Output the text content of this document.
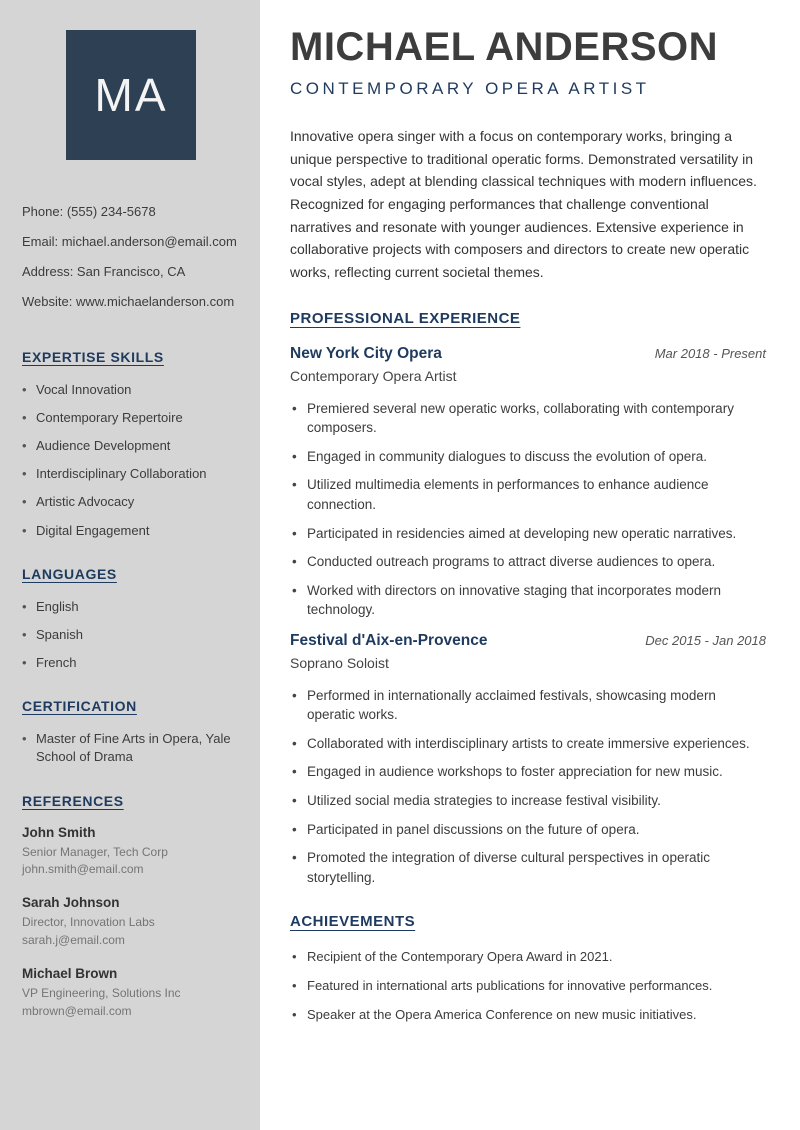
MA
Phone: (555) 234-5678
Email: michael.anderson@email.com
Address: San Francisco, CA
Website: www.michaelanderson.com
EXPERTISE SKILLS
• Vocal Innovation
• Contemporary Repertoire
• Audience Development
• Interdisciplinary Collaboration
• Artistic Advocacy
• Digital Engagement
LANGUAGES
• English
• Spanish
• French
CERTIFICATION
• Master of Fine Arts in Opera, Yale School of Drama
REFERENCES
John Smith
Senior Manager, Tech Corp
john.smith@email.com
Sarah Johnson
Director, Innovation Labs
sarah.j@email.com
Michael Brown
VP Engineering, Solutions Inc
mbrown@email.com
MICHAEL ANDERSON
CONTEMPORARY OPERA ARTIST

Innovative opera singer with a focus on contemporary works, bringing a unique perspective to traditional operatic forms. Demonstrated versatility in vocal styles, adept at blending classical techniques with modern influences. Recognized for engaging performances that challenge conventional narratives and resonate with younger audiences. Extensive experience in collaborative projects with composers and directors to create new operatic works, reflecting current societal themes.

PROFESSIONAL EXPERIENCE
New York City Opera	Mar 2018 - Present
Contemporary Opera Artist
• Premiered several new operatic works, collaborating with contemporary composers.
• Engaged in community dialogues to discuss the evolution of opera.
• Utilized multimedia elements in performances to enhance audience connection.
• Participated in residencies aimed at developing new operatic narratives.
• Conducted outreach programs to attract diverse audiences to opera.
• Worked with directors on innovative staging that incorporates modern technology.
Festival d'Aix-en-Provence	Dec 2015 - Jan 2018
Soprano Soloist
• Performed in internationally acclaimed festivals, showcasing modern operatic works.
• Collaborated with interdisciplinary artists to create immersive experiences.
• Engaged in audience workshops to foster appreciation for new music.
• Utilized social media strategies to increase festival visibility.
• Participated in panel discussions on the future of opera.
• Promoted the integration of diverse cultural perspectives in operatic storytelling.
ACHIEVEMENTS
• Recipient of the Contemporary Opera Award in 2021.
• Featured in international arts publications for innovative performances.
• Speaker at the Opera America Conference on new music initiatives.
